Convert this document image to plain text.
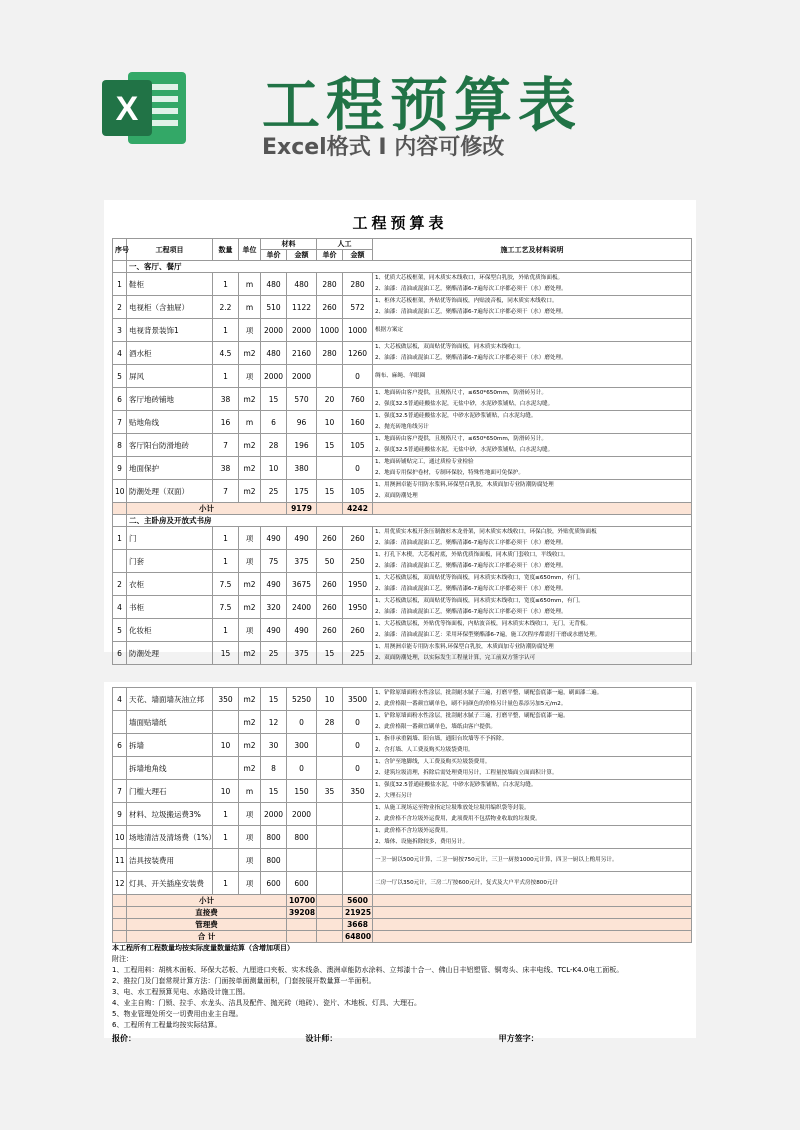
X 工程预算表
Excel格式 I 内容可修改
工程预算表
序号	工程项目	数量	单位	材料		人工		施工工艺及材料说明
				单价	金额	单价	金额	
	一、客厅、餐厅							
1	鞋柜	1	m	480	480	280	280	1、优质大芯板框架，同木质实木线收口，环保型白乳胶，外贴优质饰面板。
2、油漆：清油或混油工艺，聚酯清漆6-7遍每次工序都必须干（水）磨处理。

2	电视柜（含抽屉）	2.2	m	510	1122	260	572	1、柜体大芯板框架，外贴优等饰面板，内贴波音板，同木质实木线收口。
2、油漆：清油或混油工艺，聚酯清漆6-7遍每次工序都必须干（水）磨处理。

3	电视背景装饰1	1	项	2000	2000	1000	1000	根据方案定

4	酒水柜	4.5	m2	480	2160	280	1260	1、大芯板做层板，双面贴优等饰面板，同木质实木线收口。
2、油漆：清油或混油工艺，聚酯清漆6-7遍每次工序都必须干（水）磨处理。

5	屏风	1	项	2000	2000		0	绸布、麻绳、羊眼圈

6	客厅地砖铺地	38	m2	15	570	20	760	1、地面砖由客户提供，且规格尺寸，≤650*650mm，防滑砖另计。
2、强度32.5普通硅酸盐水泥，无盐中砂，水泥砂浆铺贴，白水泥勾缝。

7	贴地角线	16	m	6	96	10	160	1、强度32.5普通硅酸盐水泥，中砂水泥砂浆铺贴，白水泥勾缝。
2、抛光砖地角线另计

8	客厅阳台防滑地砖	7	m2	28	196	15	105	1、地面砖由客户提供，且规格尺寸，≤650*650mm，防滑砖另计。
2、强度32.5普通硅酸盐水泥，无盐中砂，水泥砂浆铺贴，白水泥勾缝。

9	地面保护	38	m2	10	380		0	1、地面砖铺贴完工，通过质检专业检验
2、地面专用保护卷材，专制环保胶，特殊性地面可免保护。

10	防潮处理（双面）	7	m2	25	175	15	105	1、用澳洲卓能专用防水浆料,环保型白乳胶，木质面加专业防潮防腐处理
2、双面防潮处理

	小计				9179		4242	
	二、主卧房及开放式书房							
1	门	1	项	490	490	260	260	1、用优质实木板开条压制做杉木龙骨架，同木质实木线收口，环保白胶，外贴优质饰面板
2、油漆：清油或混油工艺，聚酯清漆6-7遍每次工序都必须干（水）磨处理。

	门套	1	项	75	375	50	250	1、打孔下木楔，大芯板衬底，外贴优质饰面板，同木质门套收口，平线收口。
2、油漆：清油或混油工艺，聚酯清漆6-7遍每次工序都必须干（水）磨处理。

2	衣柜	7.5	m2	490	3675	260	1950	1、大芯板做层板，双面贴优等饰面板，同木质实木线收口，宽度≤650mm，有门。
2、油漆：清油或混油工艺，聚酯清漆6-7遍每次工序都必须干（水）磨处理。

4	书柜	7.5	m2	320	2400	260	1950	1、大芯板做层板，双面贴优等饰面板，同木质实木线收口，宽度≤650mm，有门。
2、油漆：清油或混油工艺，聚酯清漆6-7遍每次工序都必须干（水）磨处理。

5	化妆柜	1	项	490	490	260	260	1、大芯板做层板，外贴优等饰面板，内贴波音板，同木质实木线收口，无门，无背板。
2、油漆：清油或混油工艺：采用环保型聚酯漆6-7遍，施工次程序都需打干磨或水磨处理。

6	防潮处理	15	m2	25	375	15	225	1、用澳洲卓能专用防水浆料,环保型白乳胶，木质面加专业防潮防腐处理
2、双面防潮处理，以实际发生工程量计算，完工前双方签字认可
4	天花、墙面墙灰油立邦	350	m2	15	5250	10	3500	1、铲除原墙面粉水性涂层，批刮耐水腻子三遍，打磨平整，刷配套底漆一遍，刷面漆二遍。
2、此价格限一番颜宜刷单色，刷不同颜色的价格另计量色系添另加5元/m2。

	墙面贴墙纸		m2	12	0	28	0	1、铲除原墙面粉水性涂层，批刮耐水腻子三遍，打磨平整，刷配套底漆一遍。
2、此价格限一番颜宜刷单色，墙纸由客户提供。

6	拆墙	10	m2	30	300		0	1、指非承重隔墙、阳台墙，通阳台坎墙等不予拆除。
2、含打墙、人工费及购买垃圾袋费用。

	拆墙地角线		m2	8	0		0	1、含铲至地脚线，人工费及购买垃圾袋费用。
2、建筑垃圾清理，拆除后需处理费用另计，工程量按墙面立面面积计算。

7	门槛大理石	10	m	15	150	35	350	1、强度32.5普通硅酸盐水泥，中砂水泥砂浆铺贴，白水泥勾缝。
2、大理石另计

9	材料、垃圾搬运费3%	1	项	2000	2000			1、从施工现场运至物业指定垃圾堆放处垃圾用编织袋等封装。
2、此价格不含垃圾外运费用，此项费用不包括物业收取的垃圾费。

10	场地清洁及清场费（1%）	1	项	800	800			1、此价格不含垃圾外运费用。
2、墙体、设施拆除较多，费用另计。

11	洁具按装费用		项	800				一卫一厨以500元计算，二卫一厨按750元计，三卫一厨按1000元计算，四卫一厨以上酌用另计。

12	灯具、开关插座安装费	1	项	600	600			二房一厅以350元计，三房二厅按600元计，复式及大户平式房按800元计

	小计				10700		5600	
	直接费				39208		21925	
	管理费						3668	
	合 计						64800	
本工程所有工程数量均按实际度量数量结算（含增加项目）
附注：
1、工程用料：胡桃木面板、环保大芯板、九厘进口夹板、实木线条、澳洲卓能防水涂料、立邦漆十合一、佛山日丰铝塑管、铜弯头、床丰电线、TCL-K4.0电工面板。
2、推拉门及门套常规计算方法：门面按单面测量面积，门套按展开数量算一半面积。
3、电、水工程预算见电、水路设计施工图。
4、业主自购：门锁、拉手、水龙头、洁具及配件、抛光砖（地砖）、瓷片、木地板、灯具、大理石。
5、物业管理处所交一切费用由业主自理。
6、工程所有工程量均按实际结算。
报价：	设计师：	甲方签字：
